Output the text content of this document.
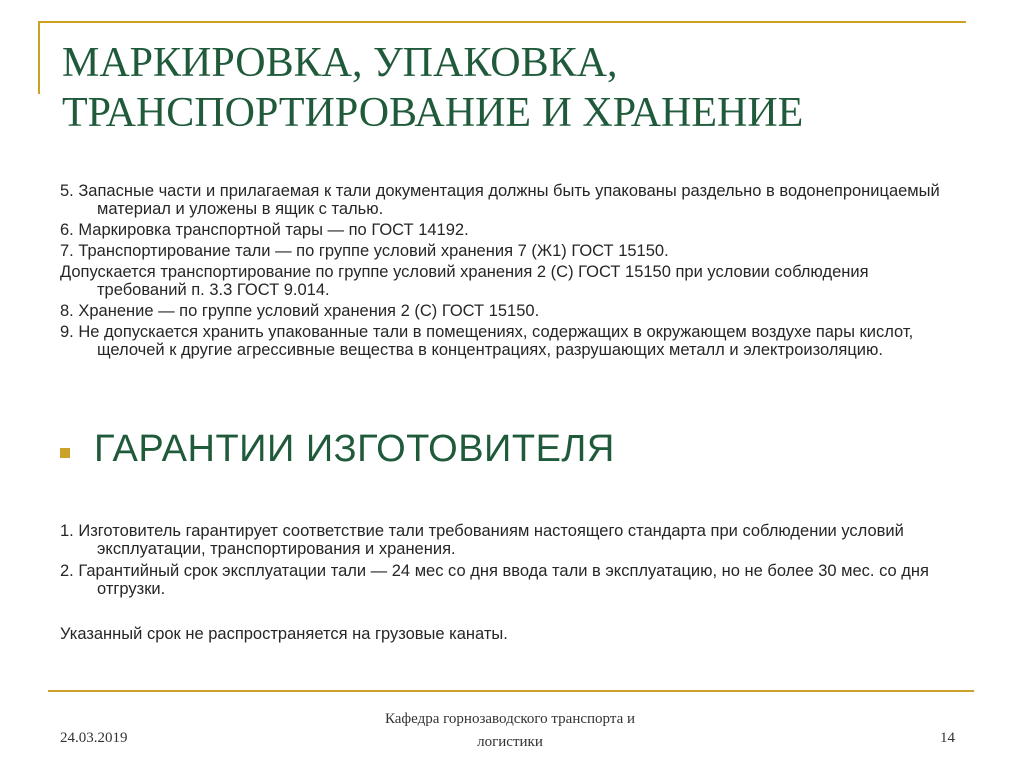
МАРКИРОВКА, УПАКОВКА,
ТРАНСПОРТИРОВАНИЕ И ХРАНЕНИЕ

5. Запасные части и прилагаемая к тали документация должны быть упакованы раздельно в водонепроницаемый материал и уложены в ящик с талью.

6. Маркировка транспортной тары — по ГОСТ 14192.

7. Транспортирование тали — по группе условий хранения 7 (Ж1) ГОСТ 15150.

Допускается транспортирование по группе условий хранения 2 (С) ГОСТ 15150 при условии соблюдения требований п. 3.3 ГОСТ 9.014.

8. Хранение — по группе условий хранения 2 (С) ГОСТ 15150.

9. Не допускается хранить упакованные тали в помещениях, содержащих в окружающем воздухе пары кислот, щелочей к другие агрессивные вещества в концентрациях, разрушающих металл и электроизоляцию.

ГАРАНТИИ ИЗГОТОВИТЕЛЯ

1. Изготовитель гарантирует соответствие тали требованиям настоящего стандарта при соблюдении условий эксплуатации, транспортирования и хранения.

2. Гарантийный срок эксплуатации тали — 24 мес со дня ввода тали в эксплуатацию, но не более 30 мес. со дня отгрузки.

Указанный срок не распространяется на грузовые канаты.
24.03.2019
Кафедра горнозаводского транспорта и
логистики	14
